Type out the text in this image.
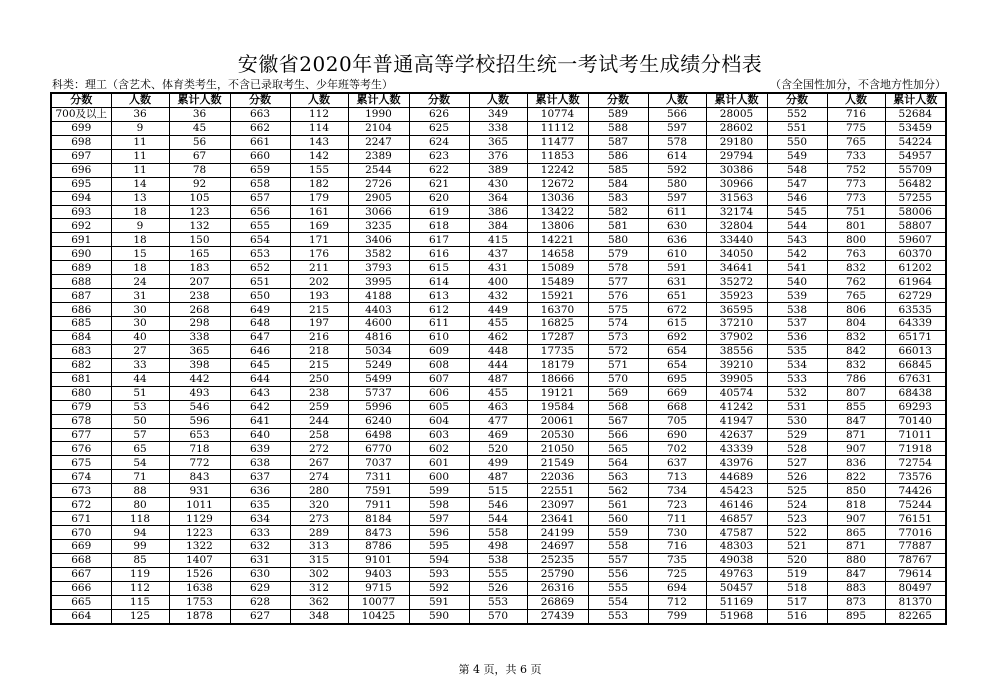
安徽省2020年普通高等学校招生统一考试考生成绩分档表
科类：理工（含艺术、体育类考生，不含已录取考生、少年班等考生）	（含全国性加分，不含地方性加分）
分数	人数	累计人数	分数	人数	累计人数	分数	人数	累计人数	分数	人数	累计人数	分数	人数	累计人数
700及以上	36	36	663	112	1990	626	349	10774	589	566	28005	552	716	52684
699	9	45	662	114	2104	625	338	11112	588	597	28602	551	775	53459
698	11	56	661	143	2247	624	365	11477	587	578	29180	550	765	54224
697	11	67	660	142	2389	623	376	11853	586	614	29794	549	733	54957
696	11	78	659	155	2544	622	389	12242	585	592	30386	548	752	55709
695	14	92	658	182	2726	621	430	12672	584	580	30966	547	773	56482
694	13	105	657	179	2905	620	364	13036	583	597	31563	546	773	57255
693	18	123	656	161	3066	619	386	13422	582	611	32174	545	751	58006
692	9	132	655	169	3235	618	384	13806	581	630	32804	544	801	58807
691	18	150	654	171	3406	617	415	14221	580	636	33440	543	800	59607
690	15	165	653	176	3582	616	437	14658	579	610	34050	542	763	60370
689	18	183	652	211	3793	615	431	15089	578	591	34641	541	832	61202
688	24	207	651	202	3995	614	400	15489	577	631	35272	540	762	61964
687	31	238	650	193	4188	613	432	15921	576	651	35923	539	765	62729
686	30	268	649	215	4403	612	449	16370	575	672	36595	538	806	63535
685	30	298	648	197	4600	611	455	16825	574	615	37210	537	804	64339
684	40	338	647	216	4816	610	462	17287	573	692	37902	536	832	65171
683	27	365	646	218	5034	609	448	17735	572	654	38556	535	842	66013
682	33	398	645	215	5249	608	444	18179	571	654	39210	534	832	66845
681	44	442	644	250	5499	607	487	18666	570	695	39905	533	786	67631
680	51	493	643	238	5737	606	455	19121	569	669	40574	532	807	68438
679	53	546	642	259	5996	605	463	19584	568	668	41242	531	855	69293
678	50	596	641	244	6240	604	477	20061	567	705	41947	530	847	70140
677	57	653	640	258	6498	603	469	20530	566	690	42637	529	871	71011
676	65	718	639	272	6770	602	520	21050	565	702	43339	528	907	71918
675	54	772	638	267	7037	601	499	21549	564	637	43976	527	836	72754
674	71	843	637	274	7311	600	487	22036	563	713	44689	526	822	73576
673	88	931	636	280	7591	599	515	22551	562	734	45423	525	850	74426
672	80	1011	635	320	7911	598	546	23097	561	723	46146	524	818	75244
671	118	1129	634	273	8184	597	544	23641	560	711	46857	523	907	76151
670	94	1223	633	289	8473	596	558	24199	559	730	47587	522	865	77016
669	99	1322	632	313	8786	595	498	24697	558	716	48303	521	871	77887
668	85	1407	631	315	9101	594	538	25235	557	735	49038	520	880	78767
667	119	1526	630	302	9403	593	555	25790	556	725	49763	519	847	79614
666	112	1638	629	312	9715	592	526	26316	555	694	50457	518	883	80497
665	115	1753	628	362	10077	591	553	26869	554	712	51169	517	873	81370
664	125	1878	627	348	10425	590	570	27439	553	799	51968	516	895	82265
第 4 页，共 6 页
